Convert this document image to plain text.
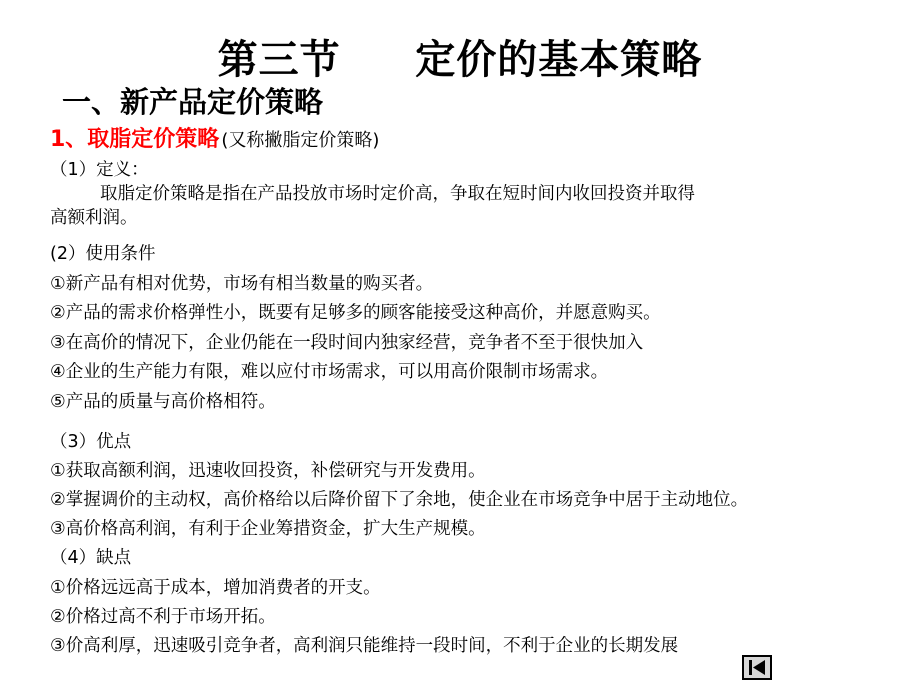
第三节     定价的基本策略
一、新产品定价策略
1、取脂定价策略 (又称撇脂定价策略)
（1）定义：
取脂定价策略是指在产品投放市场时定价高，争取在短时间内收回投资并取得
高额利润。
(2）使用条件
①新产品有相对优势，市场有相当数量的购买者。
②产品的需求价格弹性小，既要有足够多的顾客能接受这种高价，并愿意购买。
③在高价的情况下，企业仍能在一段时间内独家经营，竞争者不至于很快加入
④企业的生产能力有限，难以应付市场需求，可以用高价限制市场需求。
⑤产品的质量与高价格相符。
（3）优点
①获取高额利润，迅速收回投资，补偿研究与开发费用。
②掌握调价的主动权，高价格给以后降价留下了余地，使企业在市场竞争中居于主动地位。
③高价格高利润，有利于企业筹措资金，扩大生产规模。
（4）缺点
①价格远远高于成本，增加消费者的开支。
②价格过高不利于市场开拓。
③价高利厚，迅速吸引竞争者，高利润只能维持一段时间，不利于企业的长期发展
